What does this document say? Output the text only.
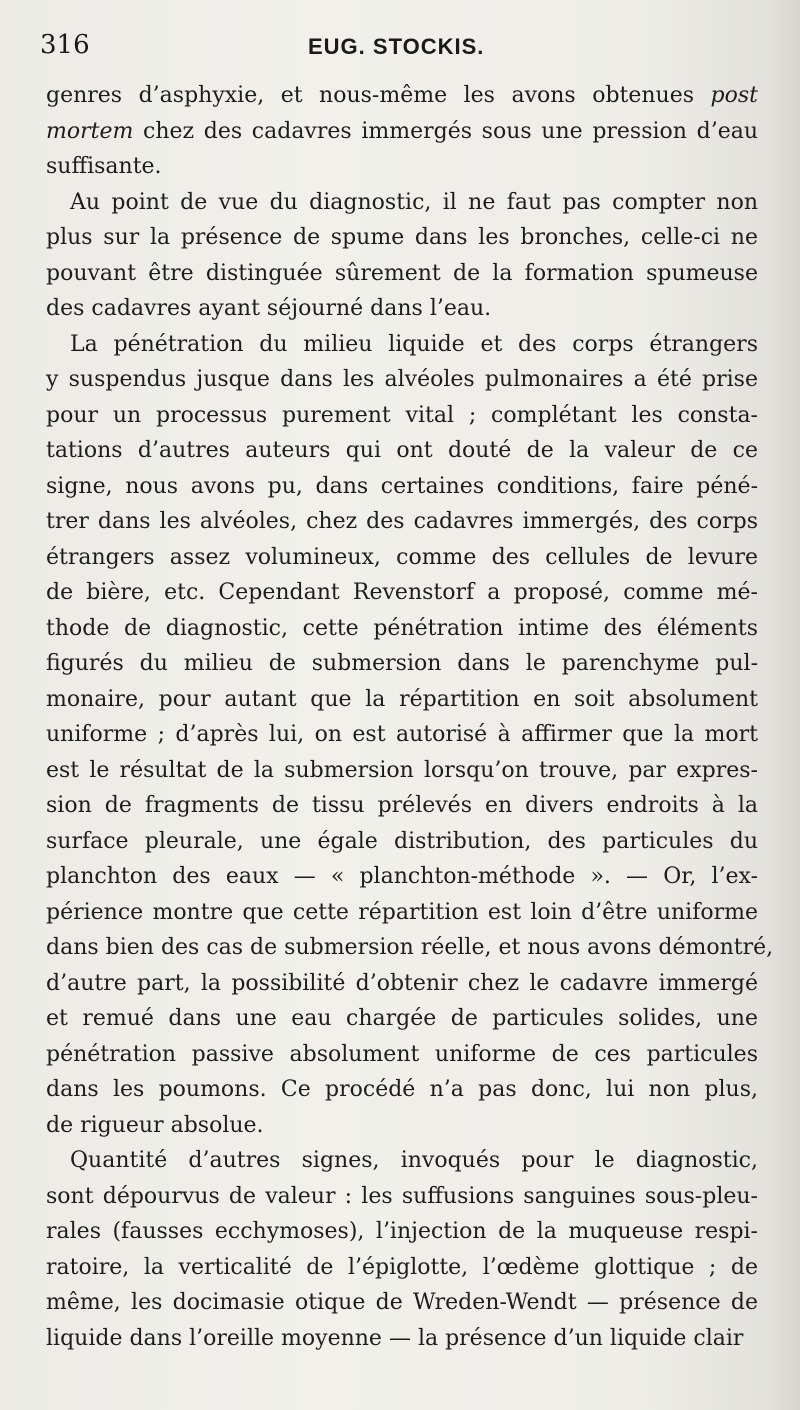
316	EUG. STOCKIS.
genres d’asphyxie, et nous-même les avons obtenues post
mortem chez des cadavres immergés sous une pression d’eau
suffisante.
Au point de vue du diagnostic, il ne faut pas compter non
plus sur la présence de spume dans les bronches, celle-ci ne
pouvant être distinguée sûrement de la formation spumeuse
des cadavres ayant séjourné dans l’eau.
La pénétration du milieu liquide et des corps étrangers
y suspendus jusque dans les alvéoles pulmonaires a été prise
pour un processus purement vital ; complétant les consta-
tations d’autres auteurs qui ont douté de la valeur de ce
signe, nous avons pu, dans certaines conditions, faire péné-
trer dans les alvéoles, chez des cadavres immergés, des corps
étrangers assez volumineux, comme des cellules de levure
de bière, etc. Cependant Revenstorf a proposé, comme mé-
thode de diagnostic, cette pénétration intime des éléments
figurés du milieu de submersion dans le parenchyme pul-
monaire, pour autant que la répartition en soit absolument
uniforme ; d’après lui, on est autorisé à affirmer que la mort
est le résultat de la submersion lorsqu’on trouve, par expres-
sion de fragments de tissu prélevés en divers endroits à la
surface pleurale, une égale distribution, des particules du
planchton des eaux — « planchton-méthode ». — Or, l’ex-
périence montre que cette répartition est loin d’être uniforme
dans bien des cas de submersion réelle, et nous avons démontré,
d’autre part, la possibilité d’obtenir chez le cadavre immergé
et remué dans une eau chargée de particules solides, une
pénétration passive absolument uniforme de ces particules
dans les poumons. Ce procédé n’a pas donc, lui non plus,
de rigueur absolue.
Quantité d’autres signes, invoqués pour le diagnostic,
sont dépourvus de valeur : les suffusions sanguines sous-pleu-
rales (fausses ecchymoses), l’injection de la muqueuse respi-
ratoire, la verticalité de l’épiglotte, l’œdème glottique ; de
même, les docimasie otique de Wreden-Wendt — présence de
liquide dans l’oreille moyenne — la présence d’un liquide clair
